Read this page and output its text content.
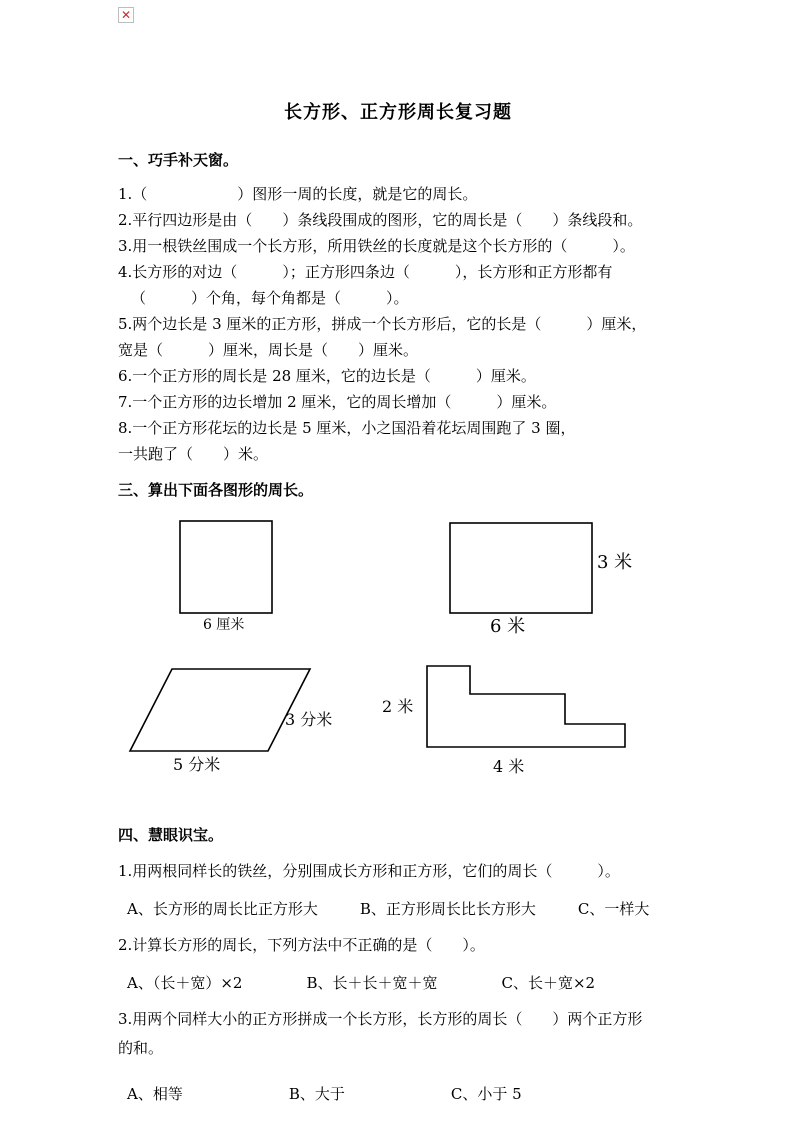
✕
长方形、正方形周长复习题
一、巧手补天窗。
1.（　　　　　　）图形一周的长度，就是它的周长。
2.平行四边形是由（　　）条线段围成的图形，它的周长是（　　）条线段和。
3.用一根铁丝围成一个长方形，所用铁丝的长度就是这个长方形的（　　　）。
4.长方形的对边（　　　）；正方形四条边（　　　），长方形和正方形都有
（　　　）个角，每个角都是（　　　）。
5.两个边长是 3 厘米的正方形，拼成一个长方形后，它的长是（　　　）厘米，
宽是（　　　）厘米，周长是（　　）厘米。
6.一个正方形的周长是 28 厘米，它的边长是（　　　）厘米。
7.一个正方形的边长增加 2 厘米，它的周长增加（　　　）厘米。
8.一个正方形花坛的边长是 5 厘米，小之国沿着花坛周围跑了 3 圈，
一共跑了（　　）米。
三、算出下面各图形的周长。
6 厘米
3 米
6 米
3 分米
5 分米
2 米
4 米
四、慧眼识宝。
1.用两根同样长的铁丝，分别围成长方形和正方形，它们的周长（　　　）。
A、长方形的周长比正方形大	B、正方形周长比长方形大	C、一样大
2.计算长方形的周长，下列方法中不正确的是（　　）。
A、（长＋宽）×2	B、长＋长＋宽＋宽	C、长＋宽×2
3.用两个同样大小的正方形拼成一个长方形，长方形的周长（　　）两个正方形
的和。
A、相等	B、大于	C、小于 5
